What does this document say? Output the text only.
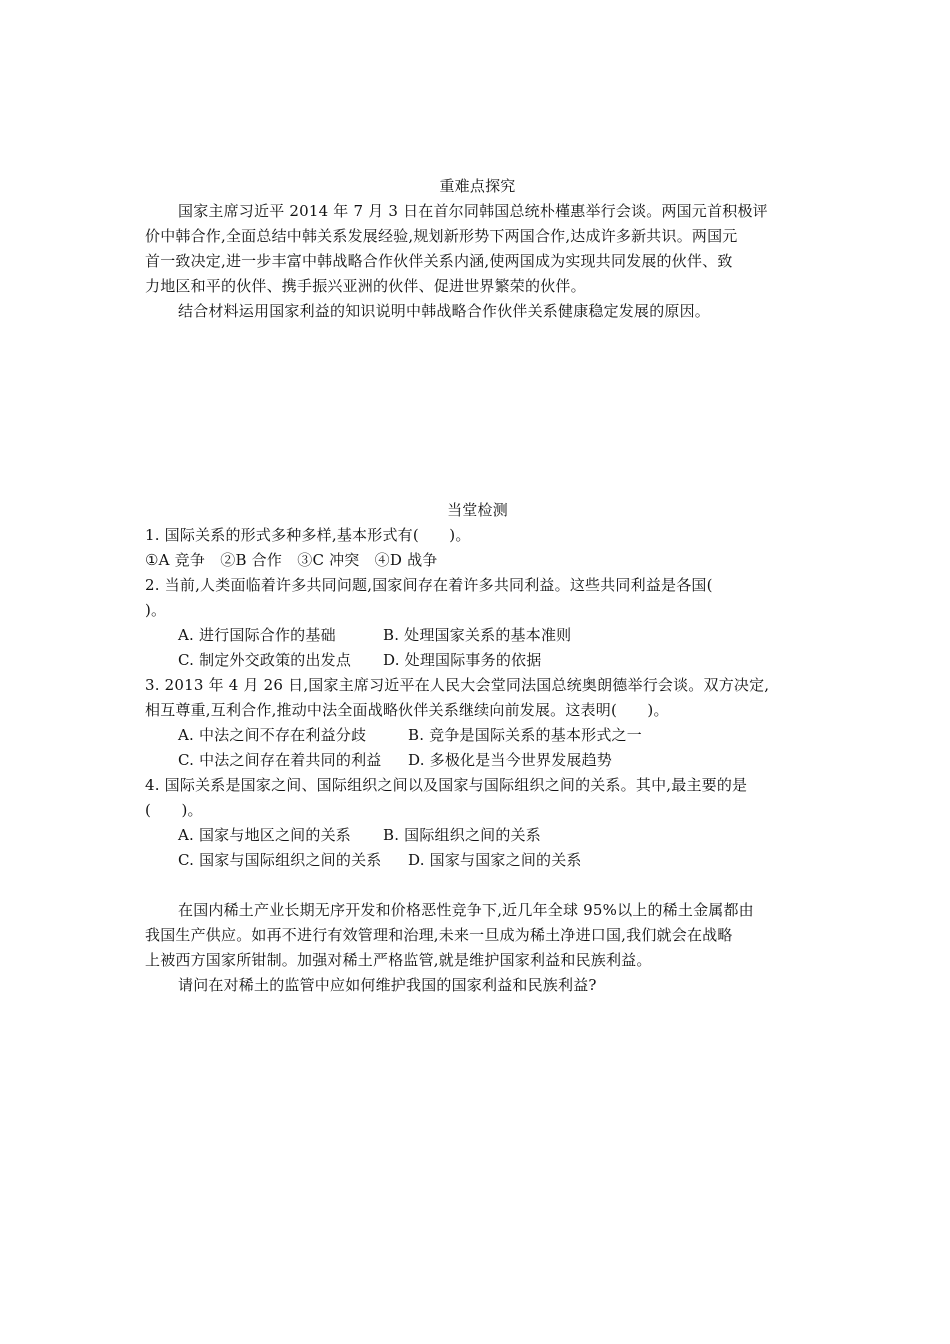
重难点探究
国家主席习近平 2014 年 7 月 3 日在首尔同韩国总统朴槿惠举行会谈。两国元首积极评
价中韩合作,全面总结中韩关系发展经验,规划新形势下两国合作,达成许多新共识。两国元
首一致决定,进一步丰富中韩战略合作伙伴关系内涵,使两国成为实现共同发展的伙伴、致
力地区和平的伙伴、携手振兴亚洲的伙伴、促进世界繁荣的伙伴。
结合材料运用国家利益的知识说明中韩战略合作伙伴关系健康稳定发展的原因。
当堂检测
1. 国际关系的形式多种多样,基本形式有(　　)。
①A 竞争　②B 合作　③C 冲突　④D 战争
2. 当前,人类面临着许多共同问题,国家间存在着许多共同利益。这些共同利益是各国(
)。
A. 进行国际合作的基础	B. 处理国家关系的基本准则
C. 制定外交政策的出发点 D. 处理国际事务的依据
3. 2013 年 4 月 26 日,国家主席习近平在人民大会堂同法国总统奥朗德举行会谈。双方决定,
相互尊重,互利合作,推动中法全面战略伙伴关系继续向前发展。这表明(　　)。
A. 中法之间不存在利益分歧	B. 竞争是国际关系的基本形式之一
C. 中法之间存在着共同的利益 D. 多极化是当今世界发展趋势
4. 国际关系是国家之间、国际组织之间以及国家与国际组织之间的关系。其中,最主要的是
(　　)。
A. 国家与地区之间的关系 B. 国际组织之间的关系
C. 国家与国际组织之间的关系 D. 国家与国家之间的关系
在国内稀土产业长期无序开发和价格恶性竞争下,近几年全球 95%以上的稀土金属都由
我国生产供应。如再不进行有效管理和治理,未来一旦成为稀土净进口国,我们就会在战略
上被西方国家所钳制。加强对稀土严格监管,就是维护国家利益和民族利益。
请问在对稀土的监管中应如何维护我国的国家利益和民族利益?
